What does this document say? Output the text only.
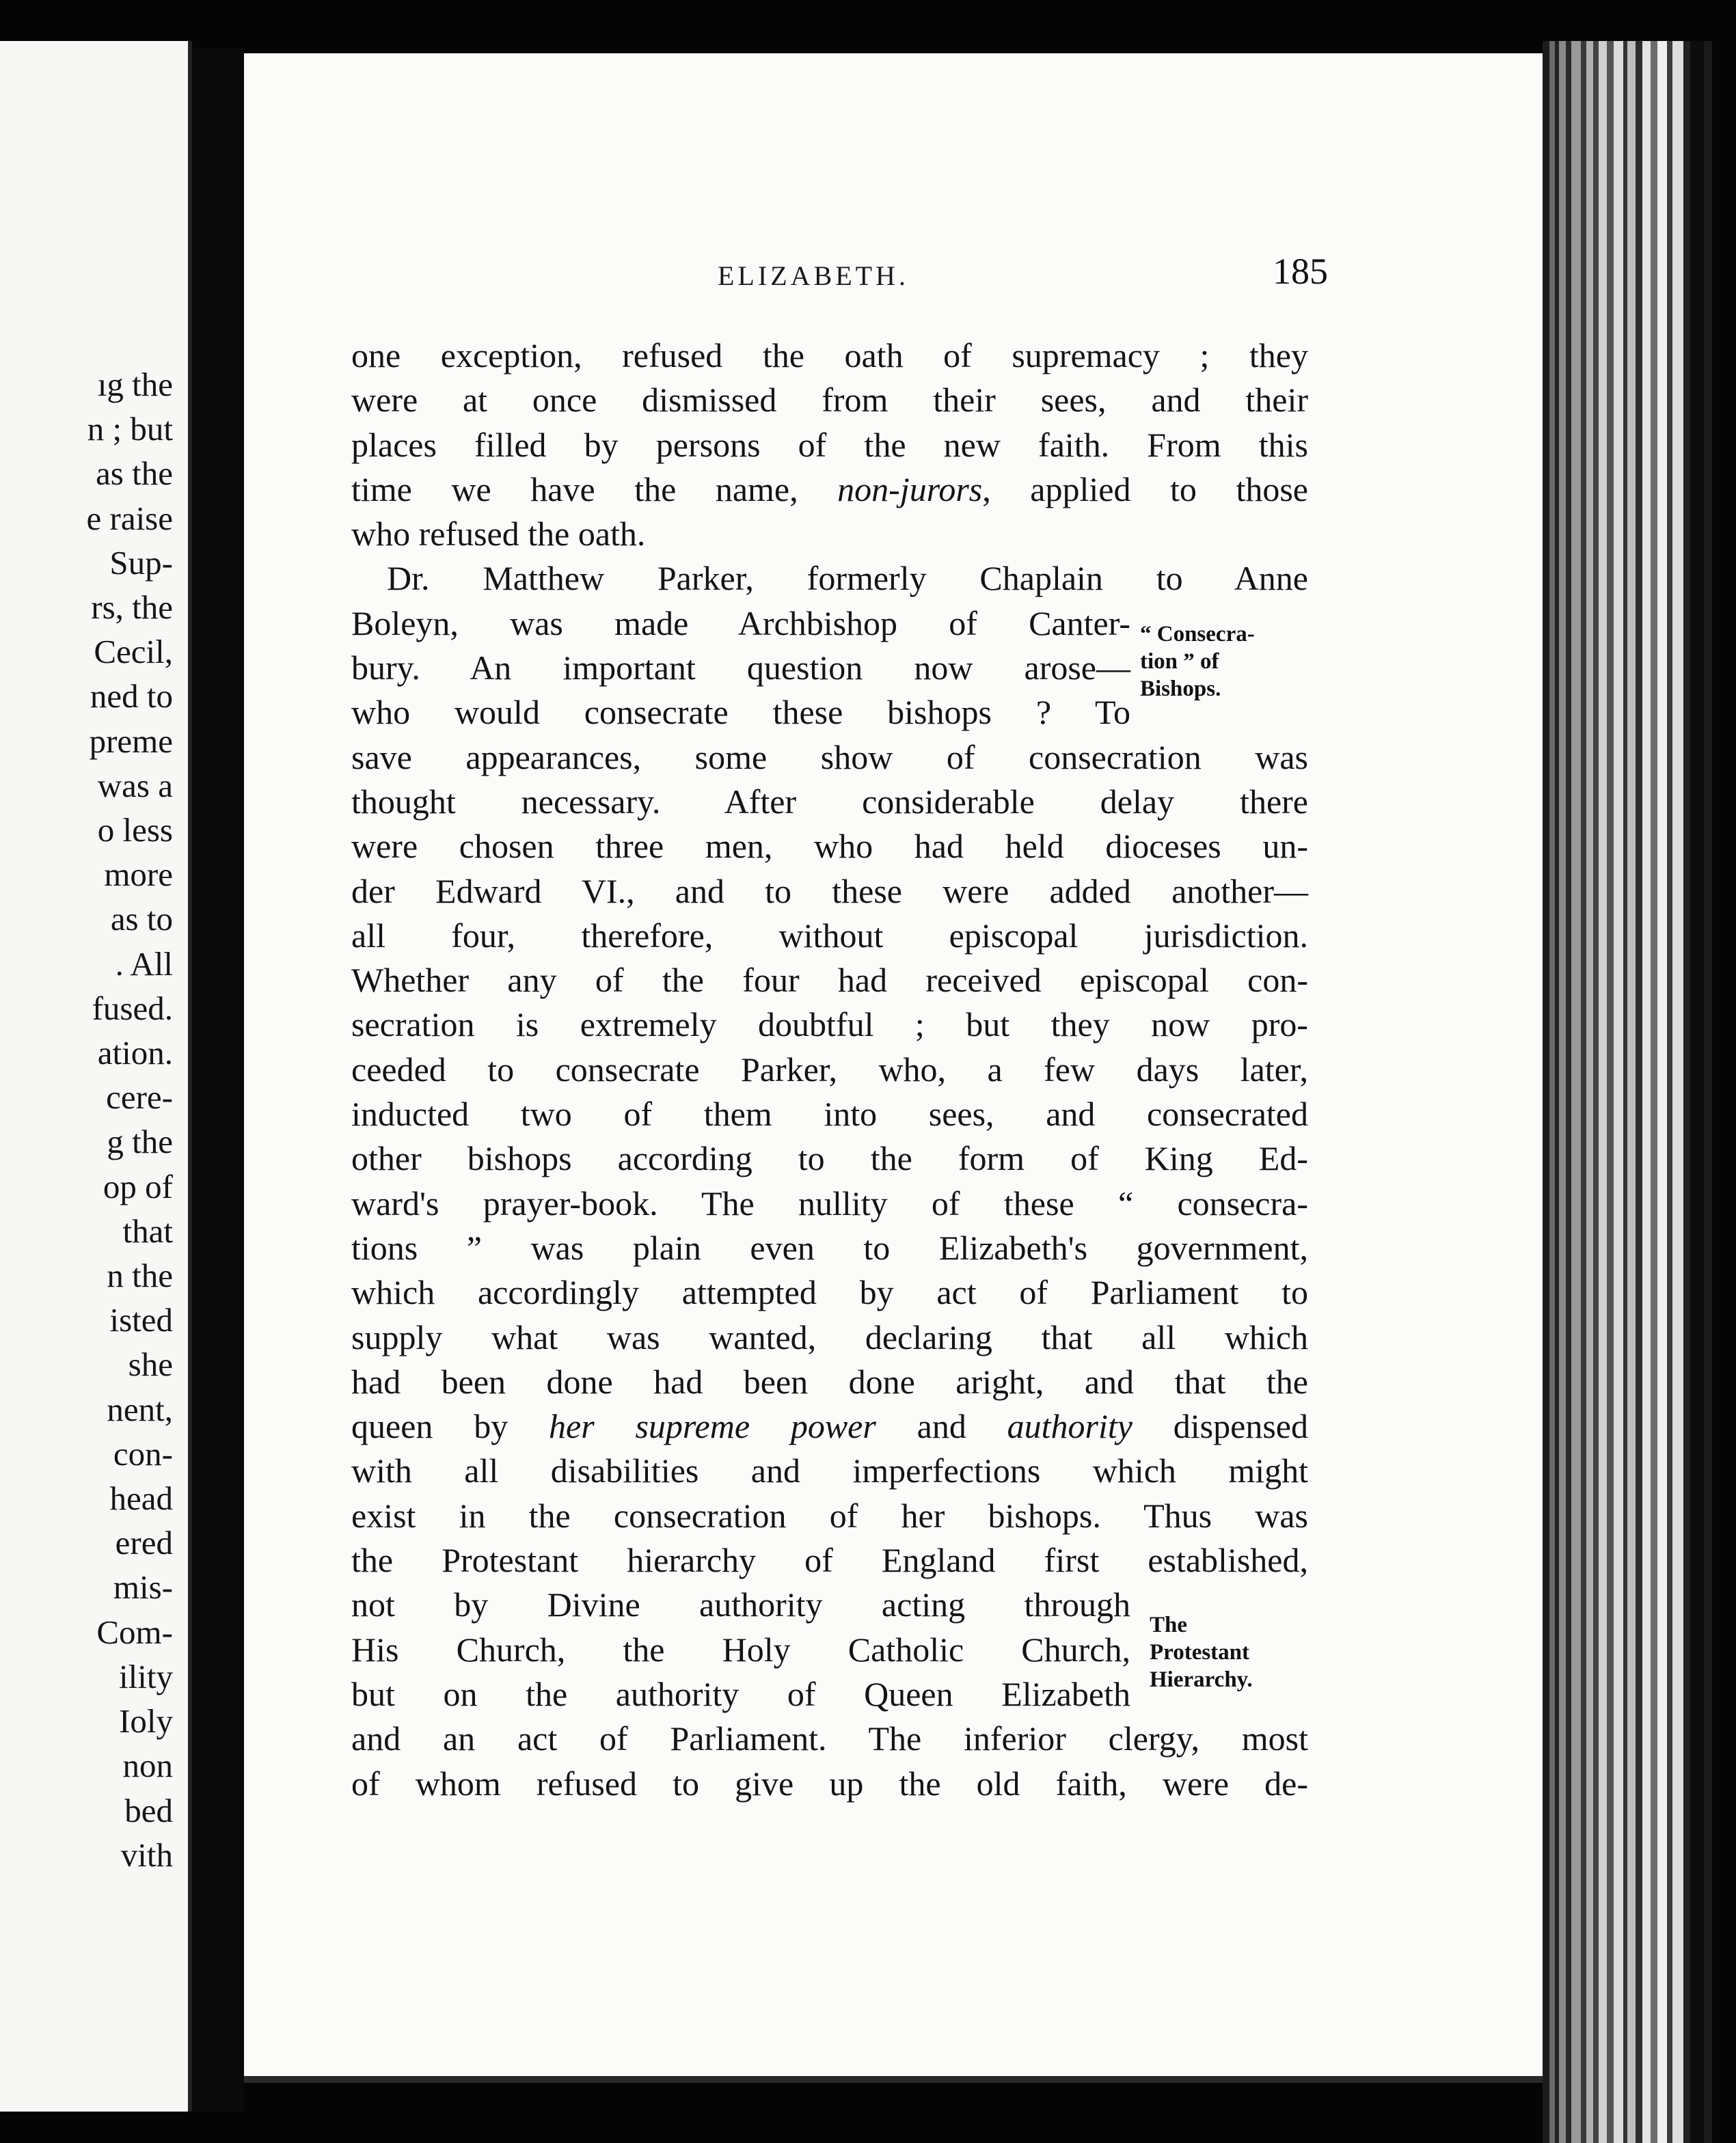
ıg the
n ; but
as the
e raise
Sup-
rs, the
Cecil,
ned to
preme
was a
o less
more
as to
. All
fused.
ation.
cere-
g the
op of
that
n the
isted
she
nent,
con-
head
ered
mis-
Com-
ility
Ioly
non
bed
vith
ELIZABETH.	185
one exception, refused the oath of supremacy ; they
were at once dismissed from their sees, and their
places filled by persons of the new faith. From this
time we have the name, non-jurors, applied to those
who refused the oath.
Dr. Matthew Parker, formerly Chaplain to Anne
Boleyn, was made Archbishop of Canter-
bury. An important question now arose—
who would consecrate these bishops ? To
save appearances, some show of consecration was
thought necessary. After considerable delay there
were chosen three men, who had held dioceses un-
der Edward VI., and to these were added another—
all four, therefore, without episcopal jurisdiction.
Whether any of the four had received episcopal con-
secration is extremely doubtful ; but they now pro-
ceeded to consecrate Parker, who, a few days later,
inducted two of them into sees, and consecrated
other bishops according to the form of King Ed-
ward's prayer-book. The nullity of these “ consecra-
tions ” was plain even to Elizabeth's government,
which accordingly attempted by act of Parliament to
supply what was wanted, declaring that all which
had been done had been done aright, and that the
queen by her supreme power and authority dispensed
with all disabilities and imperfections which might
exist in the consecration of her bishops. Thus was
the Protestant hierarchy of England first established,
not by Divine authority acting through
His Church, the Holy Catholic Church,
but on the authority of Queen Elizabeth
and an act of Parliament. The inferior clergy, most
of whom refused to give up the old faith, were de-
“ Consecra-
tion ” of
Bishops.
The
Protestant
Hierarchy.
